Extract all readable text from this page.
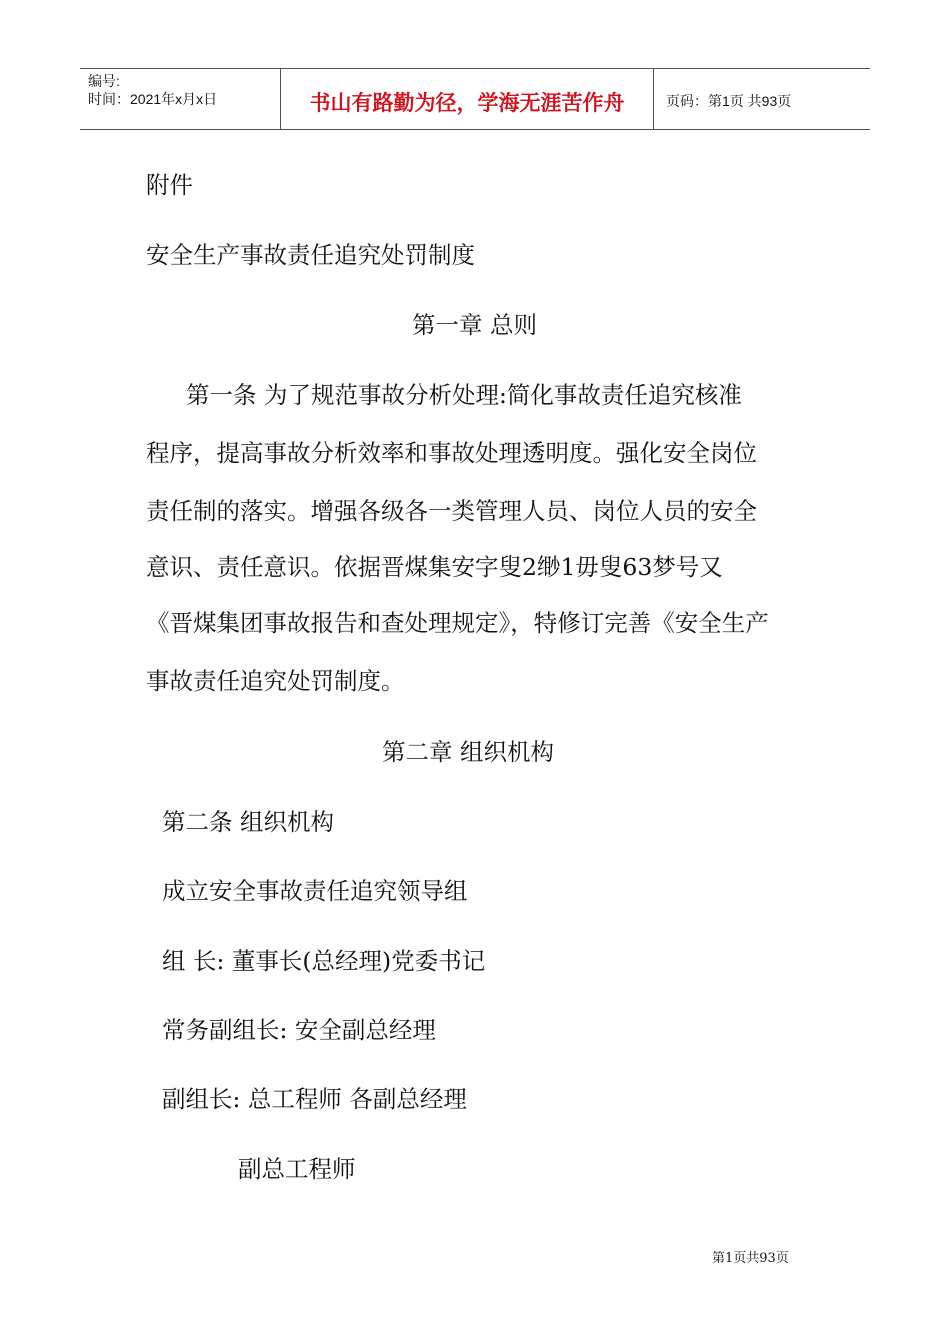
编号:
时间：2021年x月x日	书山有路勤为径，学海无涯苦作舟	页码：第1页 共93页
附件
安全生产事故责任追究处罚制度
第一章 总则
第一条 为了规范事故分析处理:简化事故责任追究核准
程序，提高事故分析效率和事故处理透明度。强化安全岗位
责任制的落实。增强各级各一类管理人员、岗位人员的安全
意识、责任意识。依据晋煤集安字叟2缈1毋叟63梦号又
《晋煤集团事故报告和查处理规定》，特修订完善《安全生产
事故责任追究处罚制度。
第二章 组织机构
第二条 组织机构
成立安全事故责任追究领导组
组 长: 董事长(总经理)党委书记
常务副组长: 安全副总经理
副组长: 总工程师 各副总经理
副总工程师
第1页共93页
